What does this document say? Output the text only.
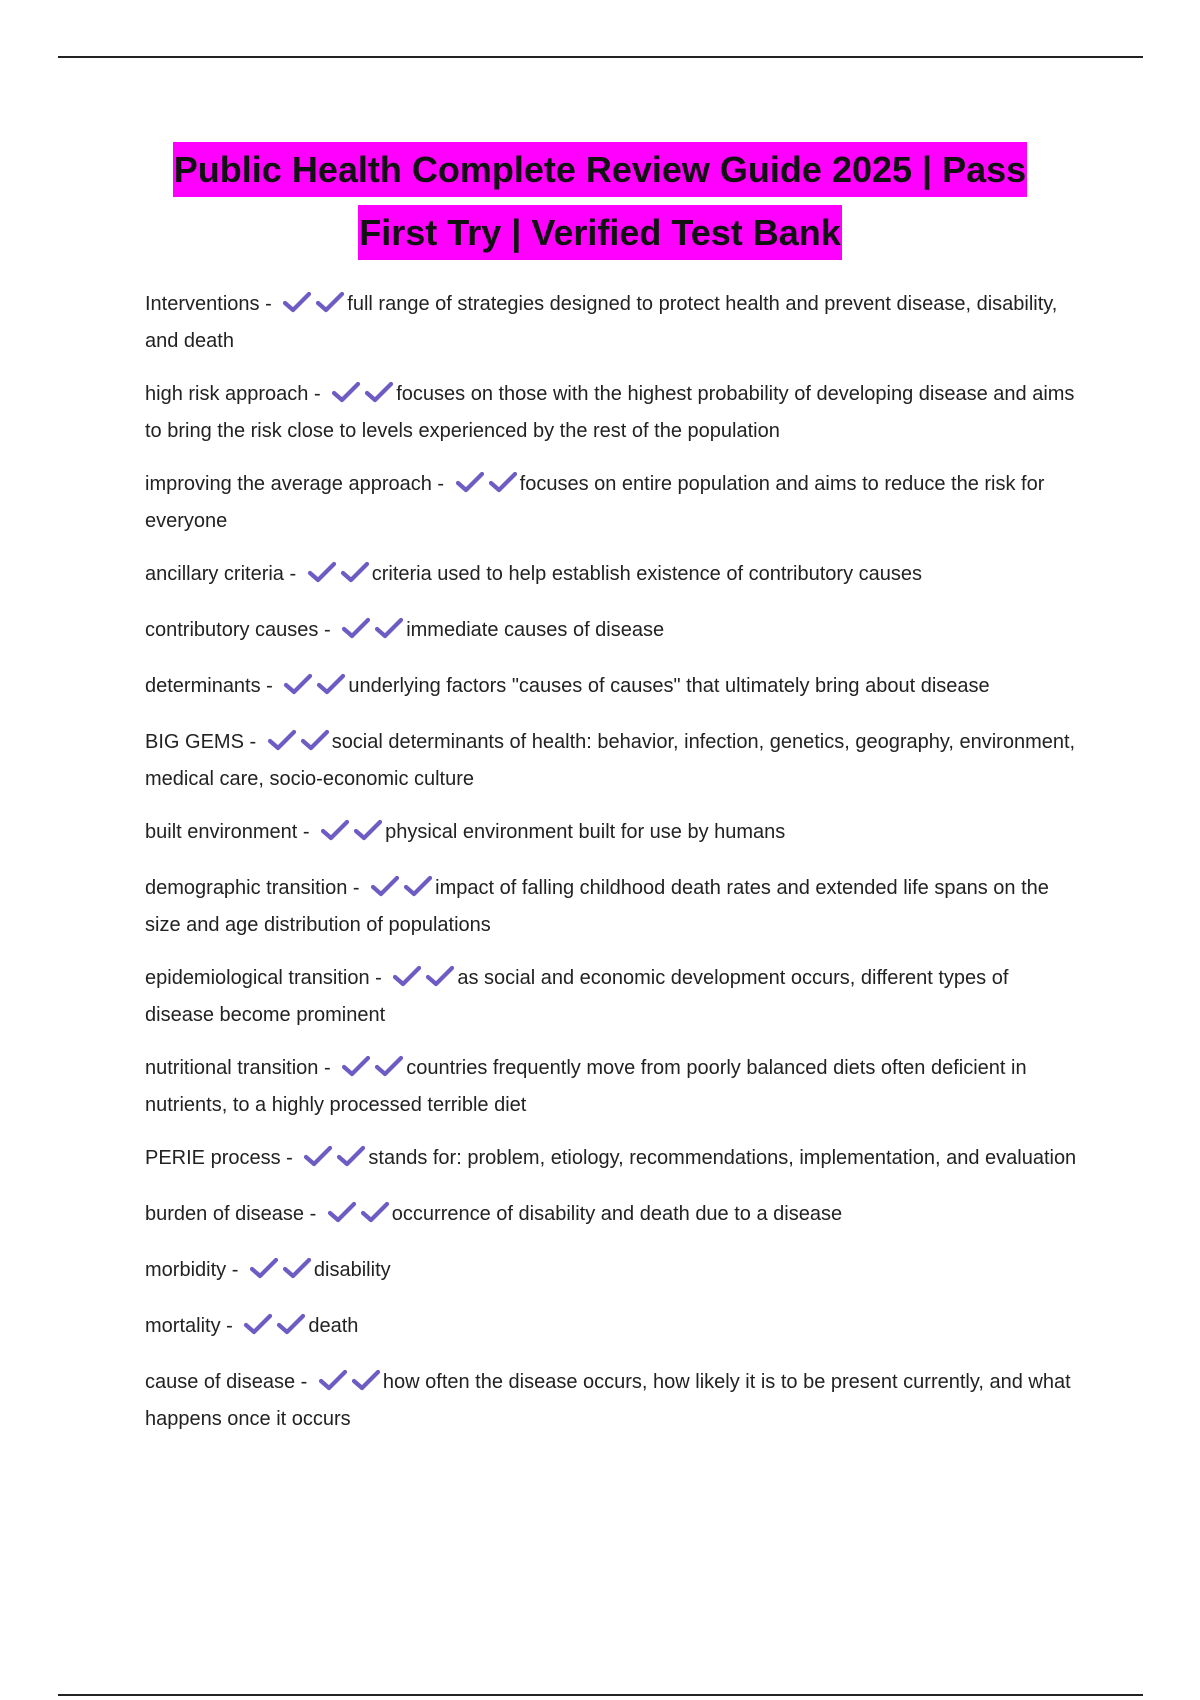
Public Health Complete Review Guide 2025 | Pass
First Try | Verified Test Bank
Interventions -	full range of strategies designed to protect health and prevent disease, disability, and death
high risk approach -	focuses on those with the highest probability of developing disease and aims to bring the risk close to levels experienced by the rest of the population
improving the average approach -	focuses on entire population and aims to reduce the risk for everyone
ancillary criteria -	criteria used to help establish existence of contributory causes
contributory causes -	immediate causes of disease
determinants -	underlying factors "causes of causes" that ultimately bring about disease
BIG GEMS -	social determinants of health: behavior, infection, genetics, geography, environment, medical care, socio-economic culture
built environment -	physical environment built for use by humans
demographic transition -	impact of falling childhood death rates and extended life spans on the size and age distribution of populations
epidemiological transition -	as social and economic development occurs, different types of disease become prominent
nutritional transition -	countries frequently move from poorly balanced diets often deficient in nutrients, to a highly processed terrible diet
PERIE process -	stands for: problem, etiology, recommendations, implementation, and evaluation
burden of disease -	occurrence of disability and death due to a disease
morbidity -	disability
mortality -	death
cause of disease -	how often the disease occurs, how likely it is to be present currently, and what happens once it occurs
